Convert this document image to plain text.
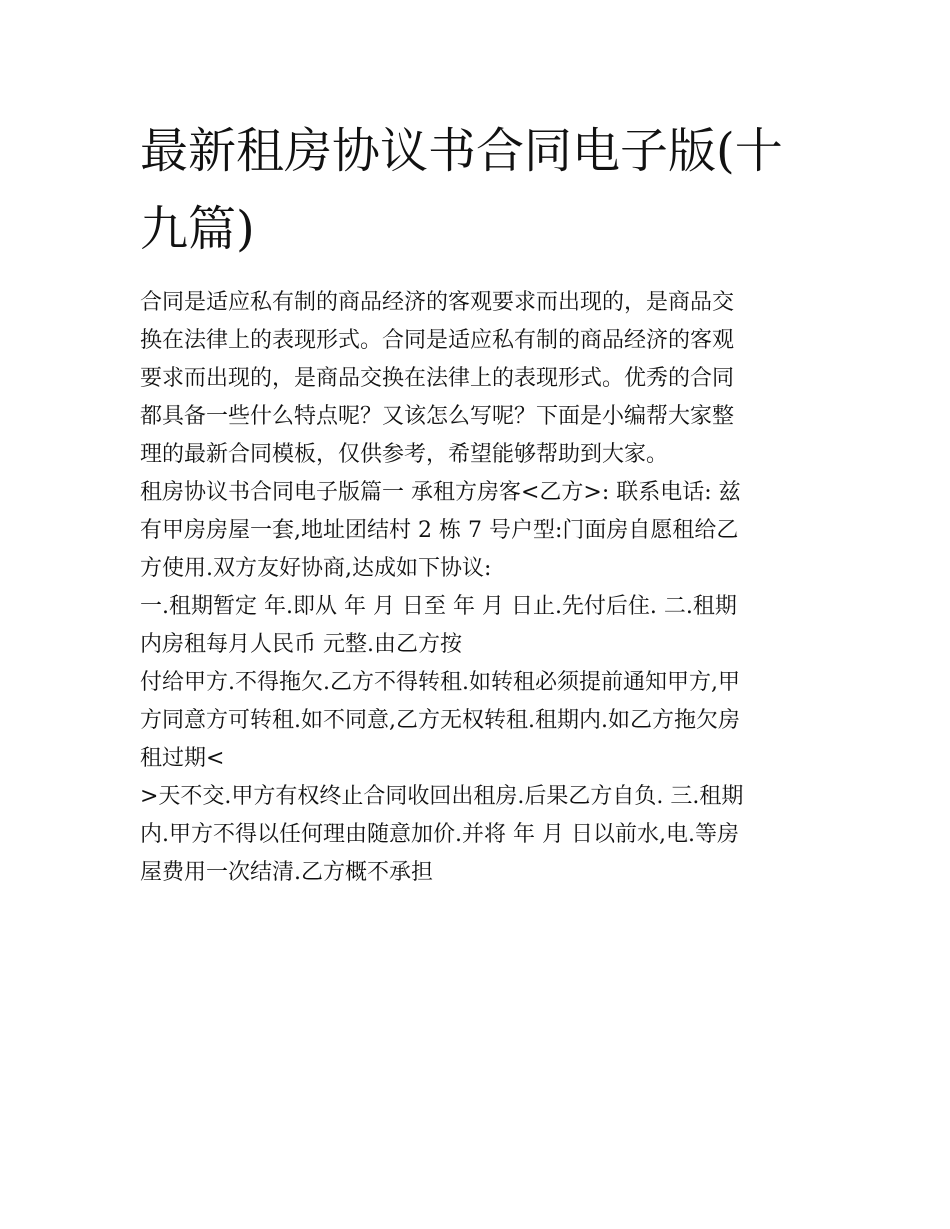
最新租房协议书合同电子版(十
九篇)

合同是适应私有制的商品经济的客观要求而出现的，是商品交
换在法律上的表现形式。合同是适应私有制的商品经济的客观
要求而出现的，是商品交换在法律上的表现形式。优秀的合同
都具备一些什么特点呢？又该怎么写呢？下面是小编帮大家整
理的最新合同模板，仅供参考，希望能够帮助到大家。

租房协议书合同电子版篇一 承租方房客<乙方>: 联系电话: 兹
有甲房房屋一套,地址团结村 2 栋 7 号户型:门面房自愿租给乙
方使用.双方友好协商,达成如下协议:

一.租期暂定 年.即从 年 月 日至 年 月 日止.先付后住. 二.租期
内房租每月人民币 元整.由乙方按

付给甲方.不得拖欠.乙方不得转租.如转租必须提前通知甲方,甲
方同意方可转租.如不同意,乙方无权转租.租期内.如乙方拖欠房
租过期<

>天不交.甲方有权终止合同收回出租房.后果乙方自负. 三.租期
内.甲方不得以任何理由随意加价.并将 年 月 日以前水,电.等房
屋费用一次结清.乙方概不承担
